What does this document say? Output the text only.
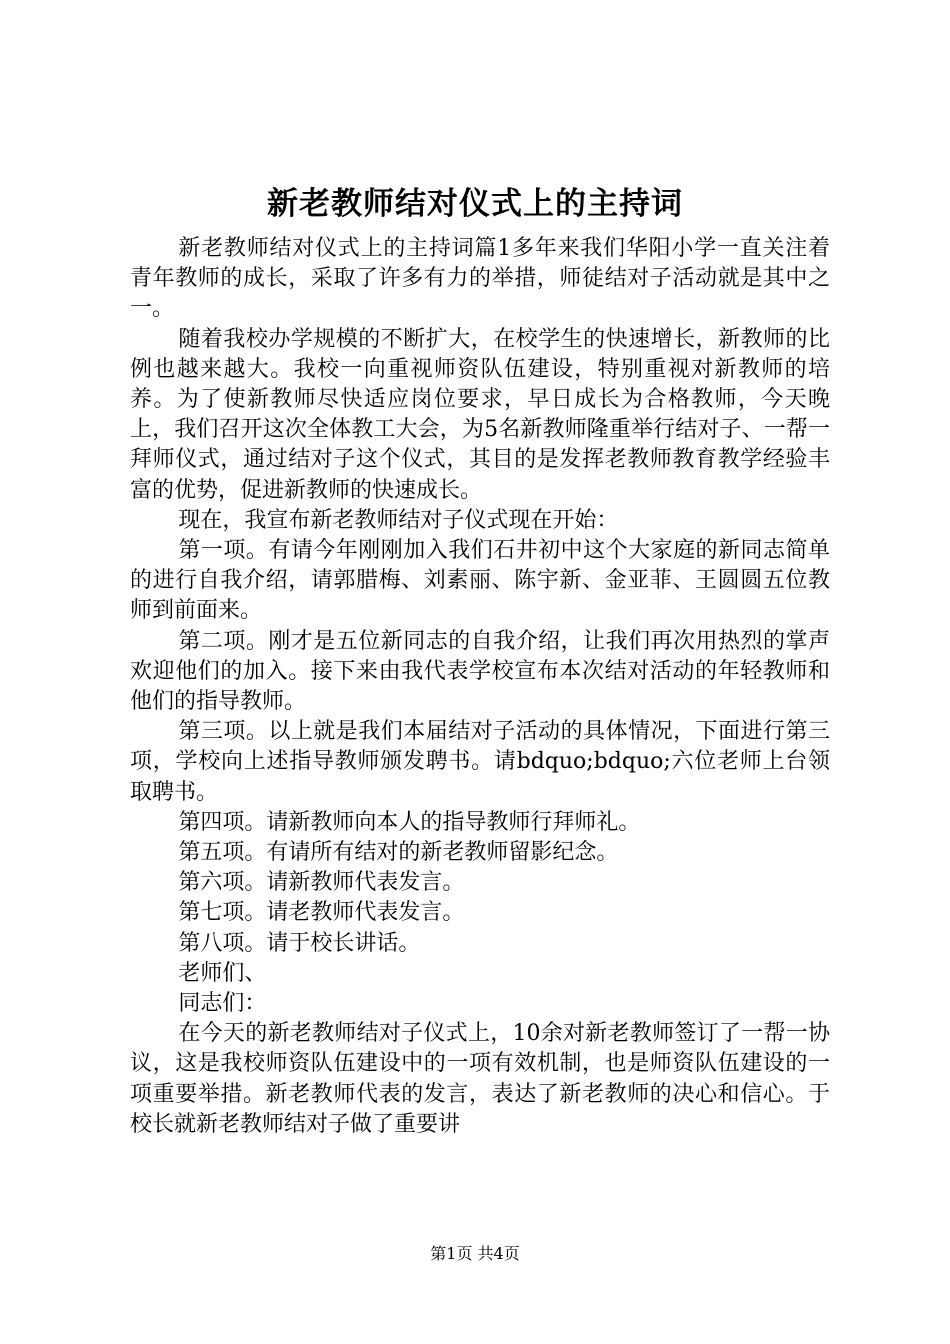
新老教师结对仪式上的主持词

新老教师结对仪式上的主持词篇1多年来我们华阳小学一直关注着青年教师的成长，采取了许多有力的举措，师徒结对子活动就是其中之一。

随着我校办学规模的不断扩大，在校学生的快速增长，新教师的比例也越来越大。我校一向重视师资队伍建设，特别重视对新教师的培养。为了使新教师尽快适应岗位要求，早日成长为合格教师，今天晚上，我们召开这次全体教工大会，为5名新教师隆重举行结对子、一帮一拜师仪式，通过结对子这个仪式，其目的是发挥老教师教育教学经验丰富的优势，促进新教师的快速成长。

现在，我宣布新老教师结对子仪式现在开始：

第一项。有请今年刚刚加入我们石井初中这个大家庭的新同志简单的进行自我介绍，请郭腊梅、刘素丽、陈宇新、金亚菲、王圆圆五位教师到前面来。

第二项。刚才是五位新同志的自我介绍，让我们再次用热烈的掌声欢迎他们的加入。接下来由我代表学校宣布本次结对活动的年轻教师和他们的指导教师。

第三项。以上就是我们本届结对子活动的具体情况，下面进行第三项，学校向上述指导教师颁发聘书。请bdquo;bdquo;六位老师上台领取聘书。

第四项。请新教师向本人的指导教师行拜师礼。

第五项。有请所有结对的新老教师留影纪念。

第六项。请新教师代表发言。

第七项。请老教师代表发言。

第八项。请于校长讲话。

老师们、

同志们：

在今天的新老教师结对子仪式上，10余对新老教师签订了一帮一协议，这是我校师资队伍建设中的一项有效机制，也是师资队伍建设的一项重要举措。新老教师代表的发言，表达了新老教师的决心和信心。于校长就新老教师结对子做了重要讲

第1页 共4页
